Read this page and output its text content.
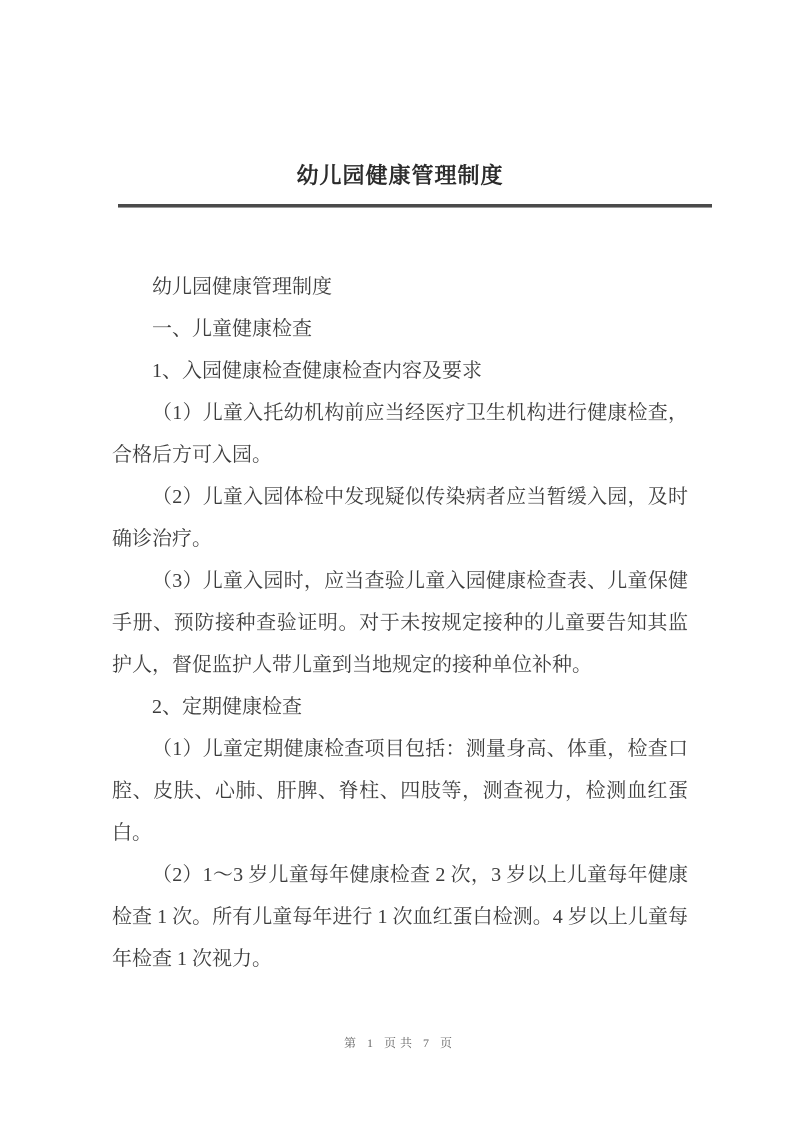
幼儿园健康管理制度

幼儿园健康管理制度

一、儿童健康检查

1、入园健康检查健康检查内容及要求

（1）儿童入托幼机构前应当经医疗卫生机构进行健康检查，合格后方可入园。

（2）儿童入园体检中发现疑似传染病者应当暂缓入园，及时确诊治疗。

（3）儿童入园时，应当查验儿童入园健康检查表、儿童保健手册、预防接种查验证明。对于未按规定接种的儿童要告知其监护人，督促监护人带儿童到当地规定的接种单位补种。

2、定期健康检查

（1）儿童定期健康检查项目包括：测量身高、体重，检查口腔、皮肤、心肺、肝脾、脊柱、四肢等，测查视力，检测血红蛋白。

（2）1～3 岁儿童每年健康检查 2 次，3 岁以上儿童每年健康检查 1 次。所有儿童每年进行 1 次血红蛋白检测。4 岁以上儿童每年检查 1 次视力。

第 1 页共 7 页
